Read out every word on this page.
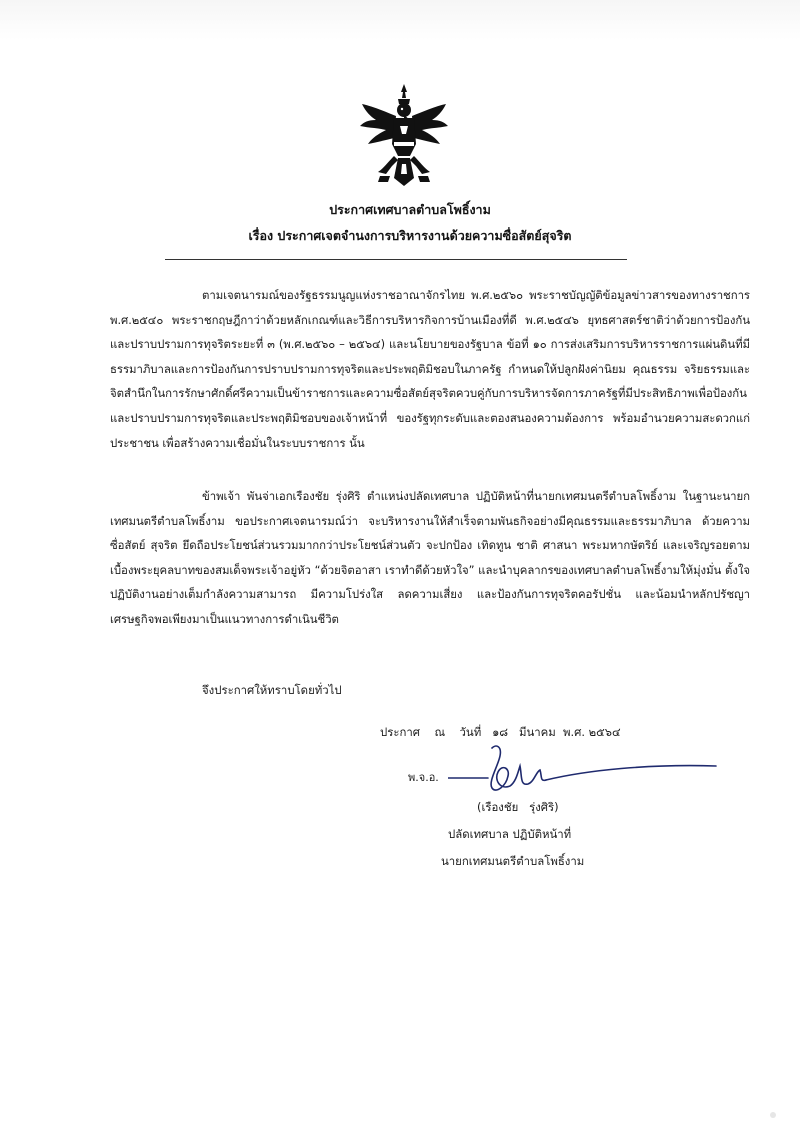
ประกาศเทศบาลตำบลโพธิ์งาม
เรื่อง ประกาศเจตจำนงการบริหารงานด้วยความซื่อสัตย์สุจริต

ตามเจตนารมณ์ของรัฐธรรมนูญแห่งราชอาณาจักรไทย พ.ศ.๒๕๖๐ พระราชบัญญัติข้อมูลข่าวสารของทางราชการ พ.ศ.๒๕๔๐ พระราชกฤษฎีกาว่าด้วยหลักเกณฑ์และวิธีการบริหารกิจการบ้านเมืองที่ดี พ.ศ.๒๕๔๖ ยุทธศาสตร์ชาติว่าด้วยการป้องกันและปราบปรามการทุจริตระยะที่ ๓ (พ.ศ.๒๕๖๐ – ๒๕๖๔) และนโยบายของรัฐบาล ข้อที่ ๑๐ การส่งเสริมการบริหารราชการแผ่นดินที่มีธรรมาภิบาลและการป้องกันการปราบปรามการทุจริตและประพฤติมิชอบในภาครัฐ กำหนดให้ปลูกฝังค่านิยม คุณธรรม จริยธรรมและจิตสำนึกในการรักษาศักดิ์ศรีความเป็นข้าราชการและความซื่อสัตย์สุจริตควบคู่กับการบริหารจัดการภาครัฐที่มีประสิทธิภาพเพื่อป้องกันและปราบปรามการทุจริตและประพฤติมิชอบของเจ้าหน้าที่ ของรัฐทุกระดับและตองสนองความต้องการ พร้อมอำนวยความสะดวกแก่ประชาชน เพื่อสร้างความเชื่อมั่นในระบบราชการ นั้น

ข้าพเจ้า พันจ่าเอกเรืองชัย รุ่งศิริ ตำแหน่งปลัดเทศบาล ปฏิบัติหน้าที่นายกเทศมนตรีตำบลโพธิ์งาม ในฐานะนายกเทศมนตรีตำบลโพธิ์งาม ขอประกาศเจตนารมณ์ว่า จะบริหารงานให้สำเร็จตามพันธกิจอย่างมีคุณธรรมและธรรมาภิบาล ด้วยความซื่อสัตย์ สุจริต ยึดถือประโยชน์ส่วนรวมมากกว่าประโยชน์ส่วนตัว จะปกป้อง เทิดทูน ชาติ ศาสนา พระมหากษัตริย์ และเจริญรอยตามเบื้องพระยุคลบาทของสมเด็จพระเจ้าอยู่หัว “ด้วยจิตอาสา เราทำดีด้วยหัวใจ” และนำบุคลากรของเทศบาลตำบลโพธิ์งามให้มุ่งมั่น ตั้งใจปฏิบัติงานอย่างเต็มกำลังความสามารถ มีความโปร่งใส ลดความเสี่ยง และป้องกันการทุจริตคอรัปชั่น และน้อมนำหลักปรัชญาเศรษฐกิจพอเพียงมาเป็นแนวทางการดำเนินชีวิต

จึงประกาศให้ทราบโดยทั่วไป
ประกาศ    ณ    วันที่   ๑๘   มีนาคม  พ.ศ. ๒๕๖๔
พ.จ.อ.
(เรืองชัย   รุ่งศิริ)
ปลัดเทศบาล ปฏิบัติหน้าที่
นายกเทศมนตรีตำบลโพธิ์งาม
